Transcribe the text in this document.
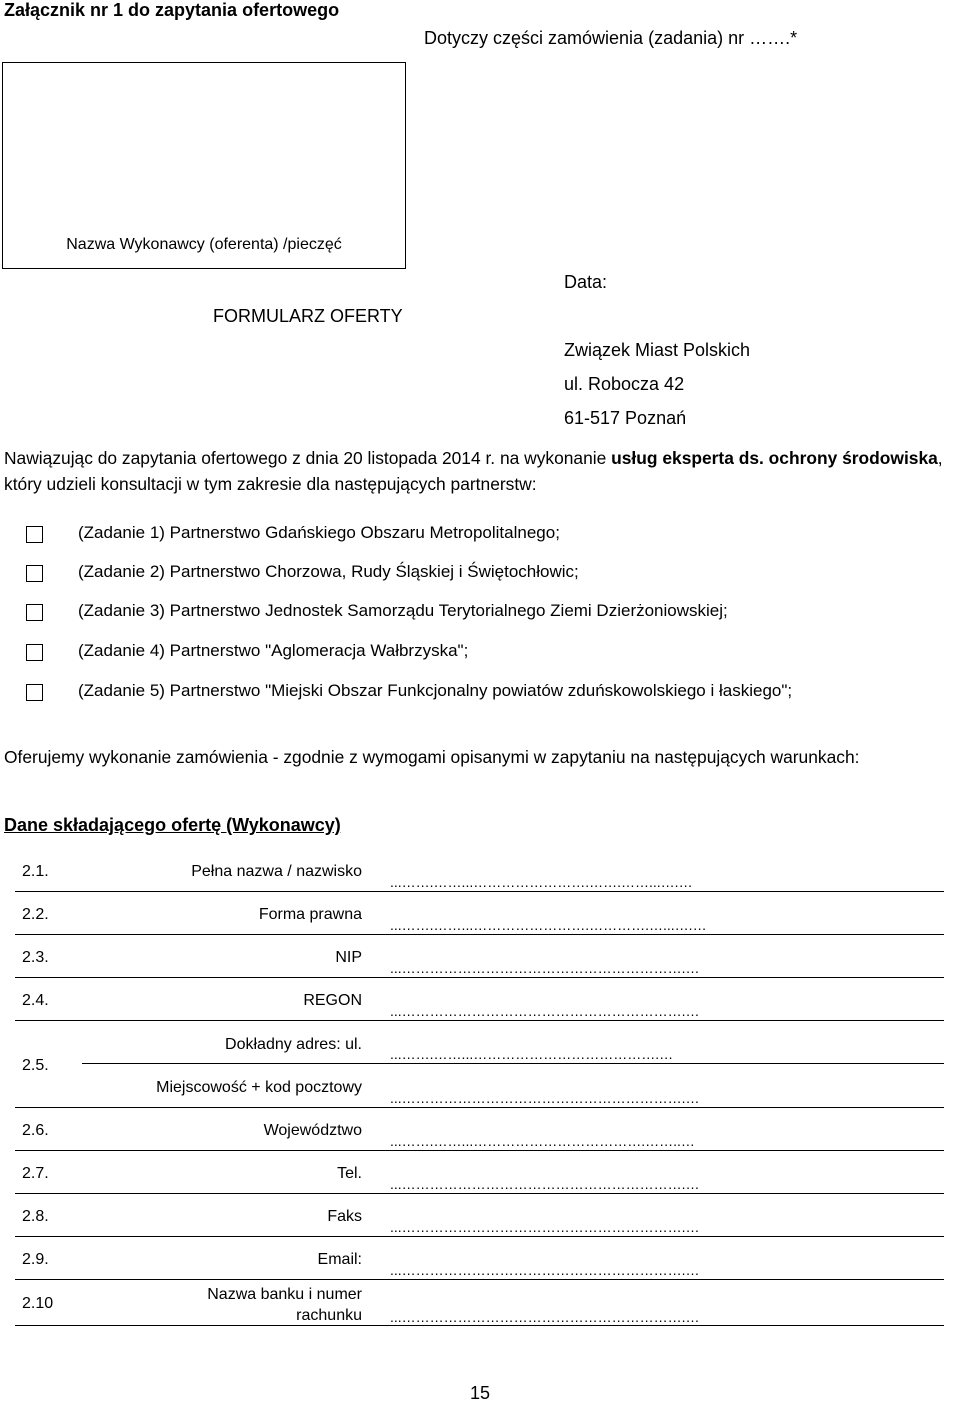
Załącznik nr 1 do zapytania ofertowego
Dotyczy części zamówienia (zadania) nr …….*
Nazwa Wykonawcy (oferenta) /pieczęć
Data:
FORMULARZ OFERTY
Związek Miast Polskich
ul. Robocza 42
61-517 Poznań
Nawiązując do zapytania ofertowego z dnia 20 listopada 2014 r. na wykonanie usług eksperta ds. ochrony środowiska, który udzieli konsultacji w tym zakresie dla następujących partnerstw:
(Zadanie 1) Partnerstwo Gdańskiego Obszaru Metropolitalnego;
(Zadanie 2) Partnerstwo Chorzowa, Rudy Śląskiej i Świętochłowic;
(Zadanie 3) Partnerstwo Jednostek Samorządu Terytorialnego Ziemi Dzierżoniowskiej;
(Zadanie 4) Partnerstwo "Aglomeracja Wałbrzyska";
(Zadanie 5) Partnerstwo "Miejski Obszar Funkcjonalny powiatów zduńskowolskiego i łaskiego";
Oferujemy wykonanie zamówienia - zgodnie z wymogami opisanymi w zapytaniu na następujących warunkach:
Dane składającego ofertę (Wykonawcy)
2.1.	Pełna nazwa / nazwisko
...…….……...…………………….…….……...….…
2.2.	Forma prawna
...…….……...…………………….………….…...….…
2.3.	NIP
...…………………………………………………….…
2.4.	REGON
...…………………………………………………….…
2.5.
Dokładny adres: ul.
...…….……...………………………………….…
Miejscowość + kod pocztowy
...…………………………………………………….…
2.6.	Województwo
...…….……...……………………………….……..…
2.7.	Tel.
...…………………………………………………….…
2.8.	Faks
...…………………………………………………….…
2.9.	Email:
...…………………………………………………….…
2.10
Nazwa banku i numer
rachunku ...…………………………………………………….…
15
